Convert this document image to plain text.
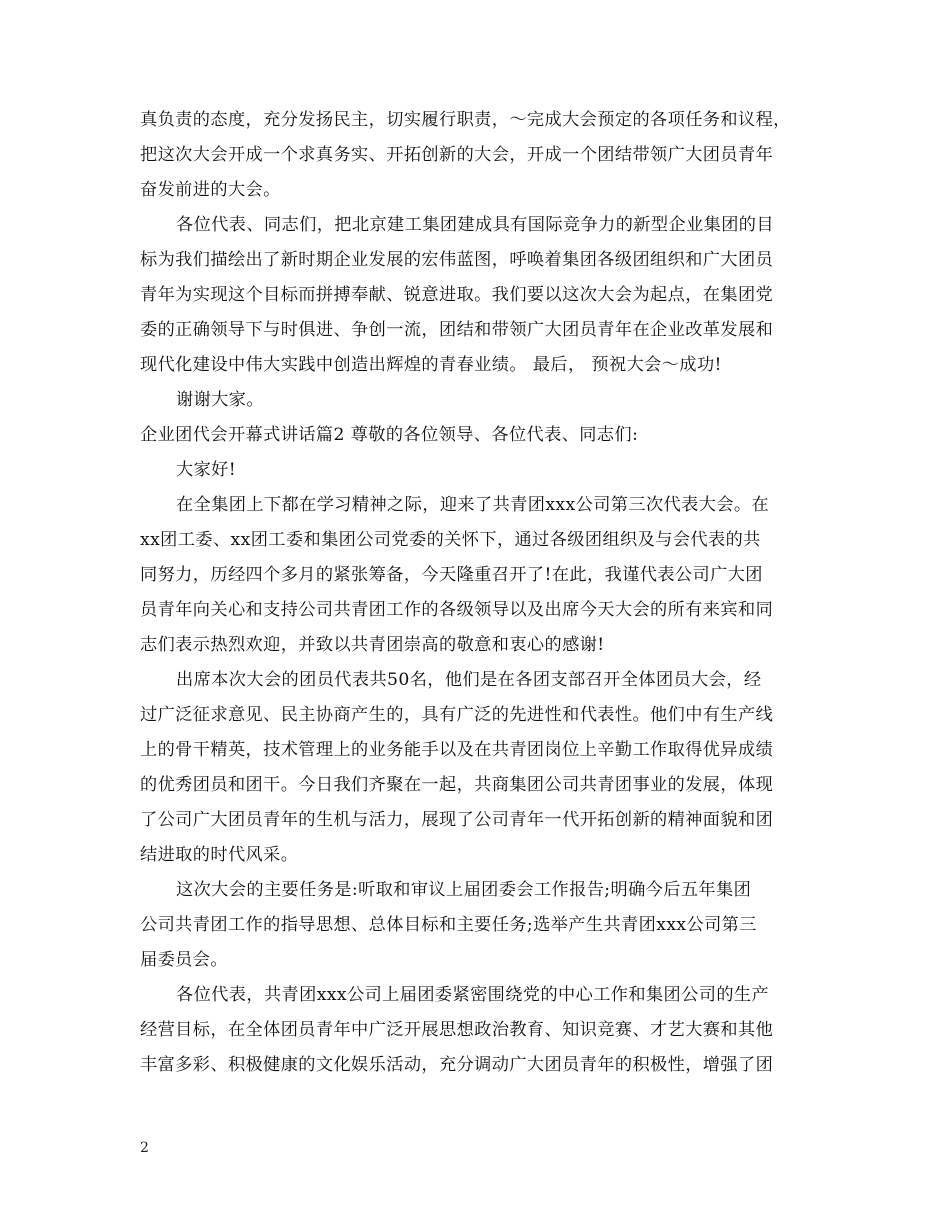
真负责的态度，充分发扬民主，切实履行职责，～完成大会预定的各项任务和议程，
把这次大会开成一个求真务实、开拓创新的大会，开成一个团结带领广大团员青年
奋发前进的大会。
各位代表、同志们，把北京建工集团建成具有国际竞争力的新型企业集团的目
标为我们描绘出了新时期企业发展的宏伟蓝图，呼唤着集团各级团组织和广大团员
青年为实现这个目标而拼搏奉献、锐意进取。我们要以这次大会为起点，在集团党
委的正确领导下与时俱进、争创一流，团结和带领广大团员青年在企业改革发展和
现代化建设中伟大实践中创造出辉煌的青春业绩。 最后， 预祝大会～成功!
谢谢大家。
企业团代会开幕式讲话篇2 尊敬的各位领导、各位代表、同志们:
大家好!
在全集团上下都在学习精神之际，迎来了共青团xxx公司第三次代表大会。在
xx团工委、xx团工委和集团公司党委的关怀下，通过各级团组织及与会代表的共
同努力，历经四个多月的紧张筹备，今天隆重召开了!在此，我谨代表公司广大团
员青年向关心和支持公司共青团工作的各级领导以及出席今天大会的所有来宾和同
志们表示热烈欢迎，并致以共青团崇高的敬意和衷心的感谢!
出席本次大会的团员代表共50名，他们是在各团支部召开全体团员大会，经
过广泛征求意见、民主协商产生的，具有广泛的先进性和代表性。他们中有生产线
上的骨干精英，技术管理上的业务能手以及在共青团岗位上辛勤工作取得优异成绩
的优秀团员和团干。今日我们齐聚在一起，共商集团公司共青团事业的发展，体现
了公司广大团员青年的生机与活力，展现了公司青年一代开拓创新的精神面貌和团
结进取的时代风采。
这次大会的主要任务是:听取和审议上届团委会工作报告;明确今后五年集团
公司共青团工作的指导思想、总体目标和主要任务;选举产生共青团xxx公司第三
届委员会。
各位代表，共青团xxx公司上届团委紧密围绕党的中心工作和集团公司的生产
经营目标，在全体团员青年中广泛开展思想政治教育、知识竞赛、才艺大赛和其他
丰富多彩、积极健康的文化娱乐活动，充分调动广大团员青年的积极性，增强了团
2
